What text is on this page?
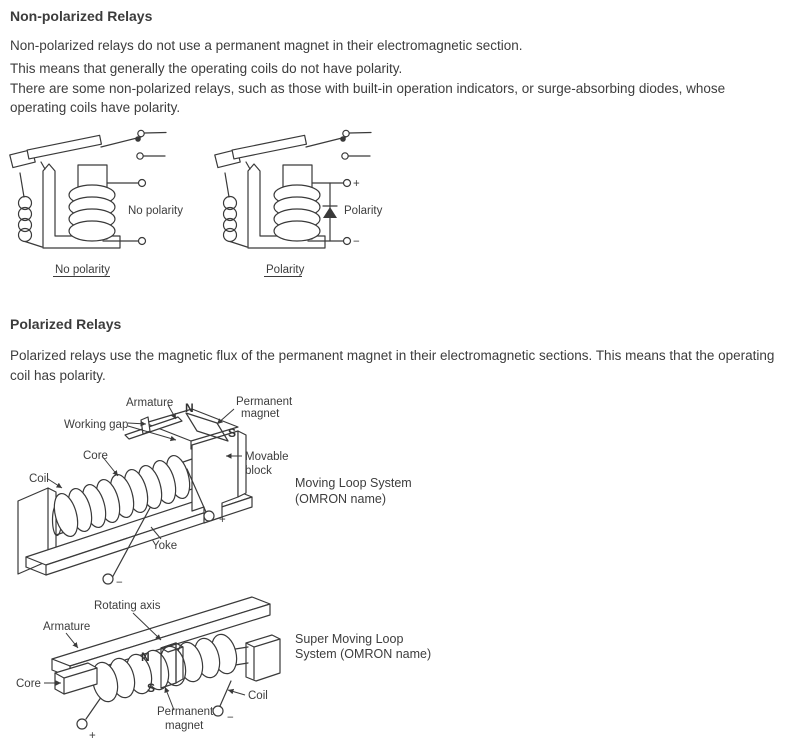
Non-polarized Relays
Non-polarized relays do not use a permanent magnet in their electromagnetic section.
This means that generally the operating coils do not have polarity.
There are some non-polarized relays, such as those with built-in operation indicators, or surge-absorbing diodes, whose
operating coils have polarity.
No polarity
+
−
Polarity
No polarity	Polarity
Polarized Relays
Polarized relays use the magnetic flux of the permanent magnet in their electromagnetic sections. This means that the operating
coil has polarity.
Working gap
Armature N	Permanent
magnet
S
Core
Coil
Movable
block
Yoke
+
−
Moving Loop System
(OMRON name)
Rotating axis
Armature
N
S
Core
Coil
Permanent
magnet
+
−
Super Moving Loop
System (OMRON name)
